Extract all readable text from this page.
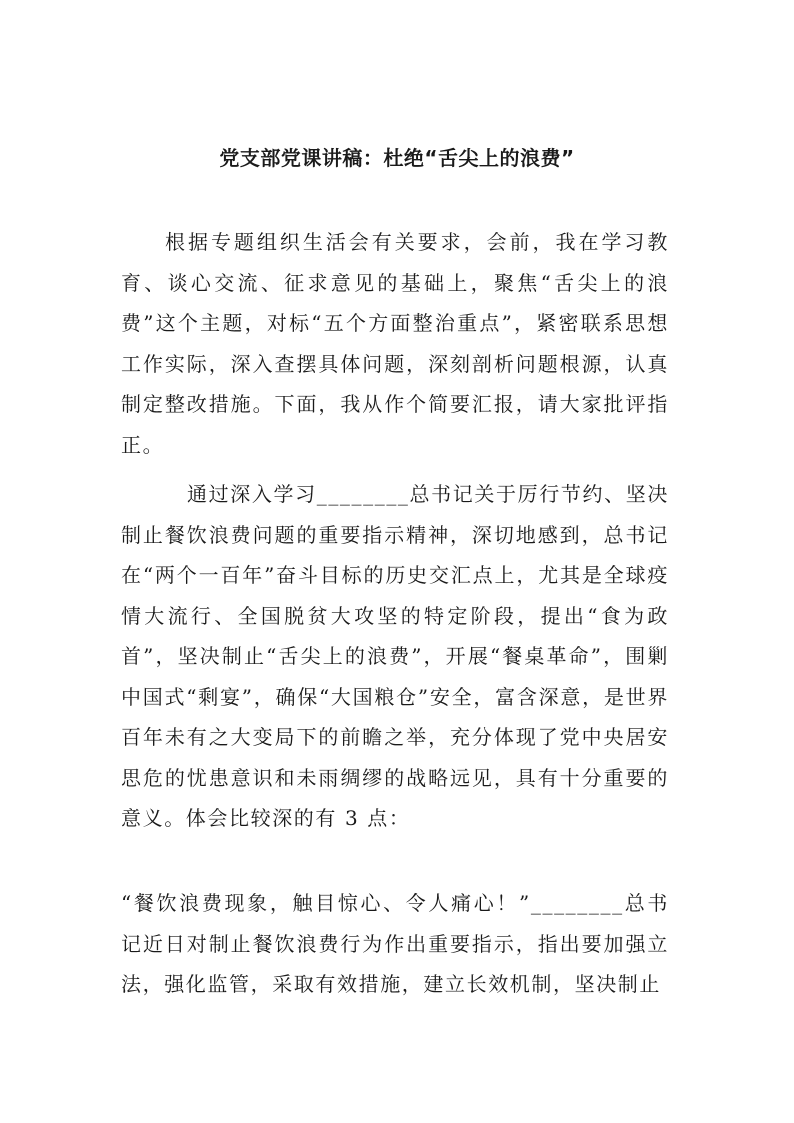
党支部党课讲稿：杜绝“舌尖上的浪费”

根据专题组织生活会有关要求，会前，我在学习教育、谈心交流、征求意见的基础上，聚焦“舌尖上的浪费”这个主题，对标“五个方面整治重点”，紧密联系思想工作实际，深入查摆具体问题，深刻剖析问题根源，认真制定整改措施。下面，我从作个简要汇报，请大家批评指正。

通过深入学习________总书记关于厉行节约、坚决制止餐饮浪费问题的重要指示精神，深切地感到，总书记在“两个一百年”奋斗目标的历史交汇点上，尤其是全球疫情大流行、全国脱贫大攻坚的特定阶段，提出“食为政首”，坚决制止“舌尖上的浪费”，开展“餐桌革命”，围剿中国式“剩宴”，确保“大国粮仓”安全，富含深意，是世界百年未有之大变局下的前瞻之举，充分体现了党中央居安思危的忧患意识和未雨绸缪的战略远见，具有十分重要的意义。体会比较深的有 3 点：

“餐饮浪费现象，触目惊心、令人痛心！”________总书记近日对制止餐饮浪费行为作出重要指示，指出要加强立法，强化监管，采取有效措施，建立长效机制，坚决制止
